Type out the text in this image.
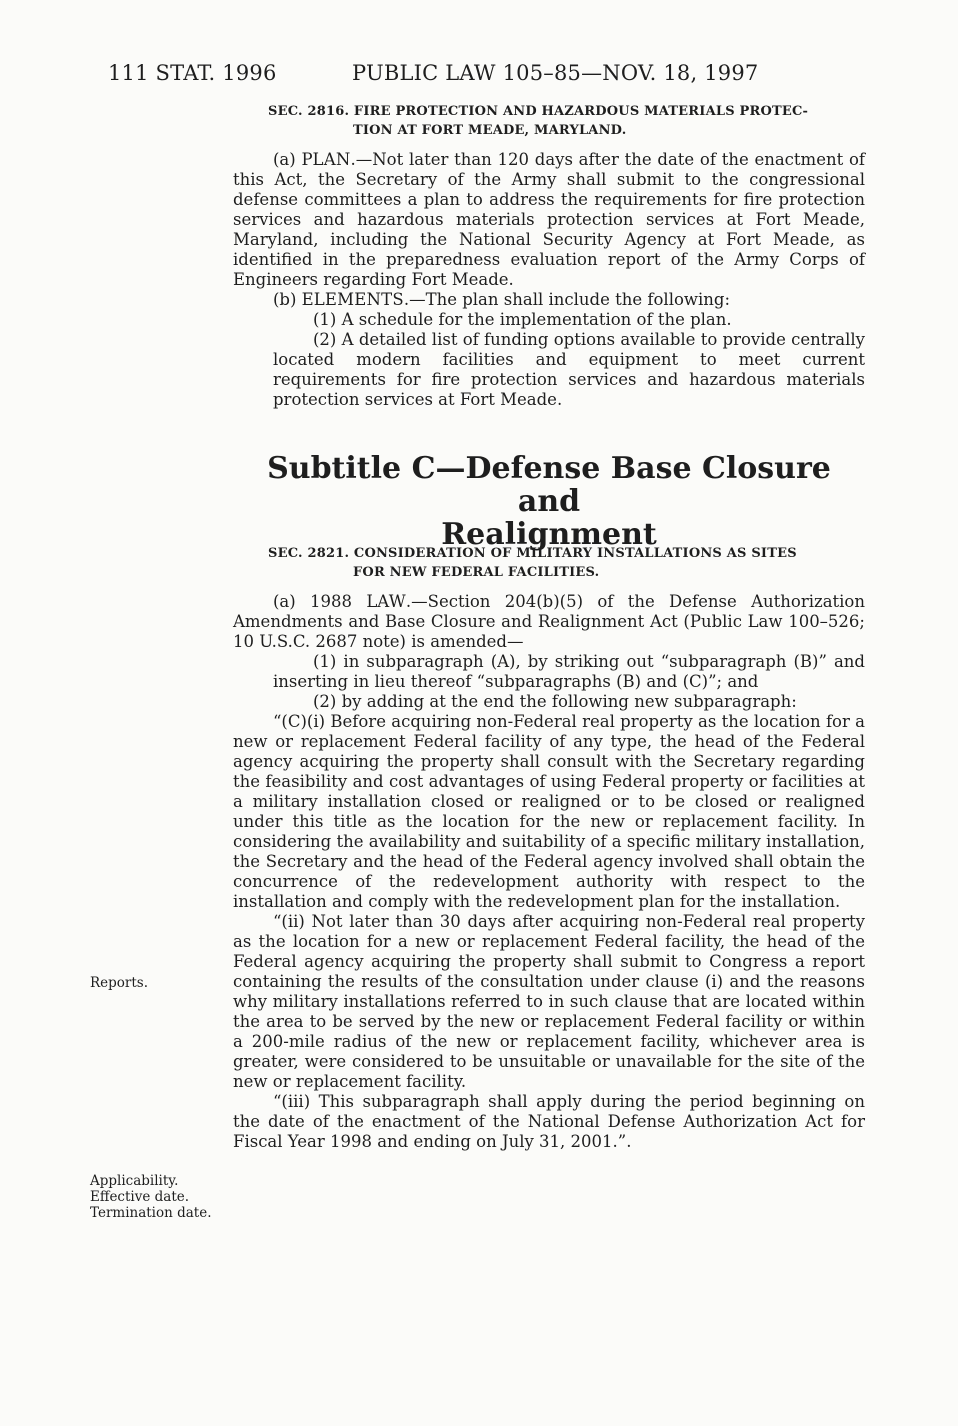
111 STAT. 1996	PUBLIC LAW 105–85—NOV. 18, 1997
SEC. 2816. FIRE PROTECTION AND HAZARDOUS MATERIALS PROTEC-
TION AT FORT MEADE, MARYLAND.

(a) PLAN.—Not later than 120 days after the date of the enactment of this Act, the Secretary of the Army shall submit to the congressional defense committees a plan to address the requirements for fire protection services and hazardous materials protection services at Fort Meade, Maryland, including the National Security Agency at Fort Meade, as identified in the preparedness evaluation report of the Army Corps of Engineers regarding Fort Meade.

(b) ELEMENTS.—The plan shall include the following:

(1) A schedule for the implementation of the plan.

(2) A detailed list of funding options available to provide centrally located modern facilities and equipment to meet current requirements for fire protection services and hazardous materials protection services at Fort Meade.

Subtitle C—Defense Base Closure and
Realignment
SEC. 2821. CONSIDERATION OF MILITARY INSTALLATIONS AS SITES
FOR NEW FEDERAL FACILITIES.

(a) 1988 LAW.—Section 204(b)(5) of the Defense Authorization Amendments and Base Closure and Realignment Act (Public Law 100–526; 10 U.S.C. 2687 note) is amended—

(1) in subparagraph (A), by striking out “subparagraph (B)” and inserting in lieu thereof “subparagraphs (B) and (C)”; and

(2) by adding at the end the following new subparagraph:

“(C)(i) Before acquiring non-Federal real property as the location for a new or replacement Federal facility of any type, the head of the Federal agency acquiring the property shall consult with the Secretary regarding the feasibility and cost advantages of using Federal property or facilities at a military installation closed or realigned or to be closed or realigned under this title as the location for the new or replacement facility. In considering the availability and suitability of a specific military installation, the Secretary and the head of the Federal agency involved shall obtain the concurrence of the redevelopment authority with respect to the installation and comply with the redevelopment plan for the installation.

“(ii) Not later than 30 days after acquiring non-Federal real property as the location for a new or replacement Federal facility, the head of the Federal agency acquiring the property shall submit to Congress a report containing the results of the consultation under clause (i) and the reasons why military installations referred to in such clause that are located within the area to be served by the new or replacement Federal facility or within a 200-mile radius of the new or replacement facility, whichever area is greater, were considered to be unsuitable or unavailable for the site of the new or replacement facility.

“(iii) This subparagraph shall apply during the period beginning on the date of the enactment of the National Defense Authorization Act for Fiscal Year 1998 and ending on July 31, 2001.”.

Reports.
Applicability.
Effective date.
Termination date.
